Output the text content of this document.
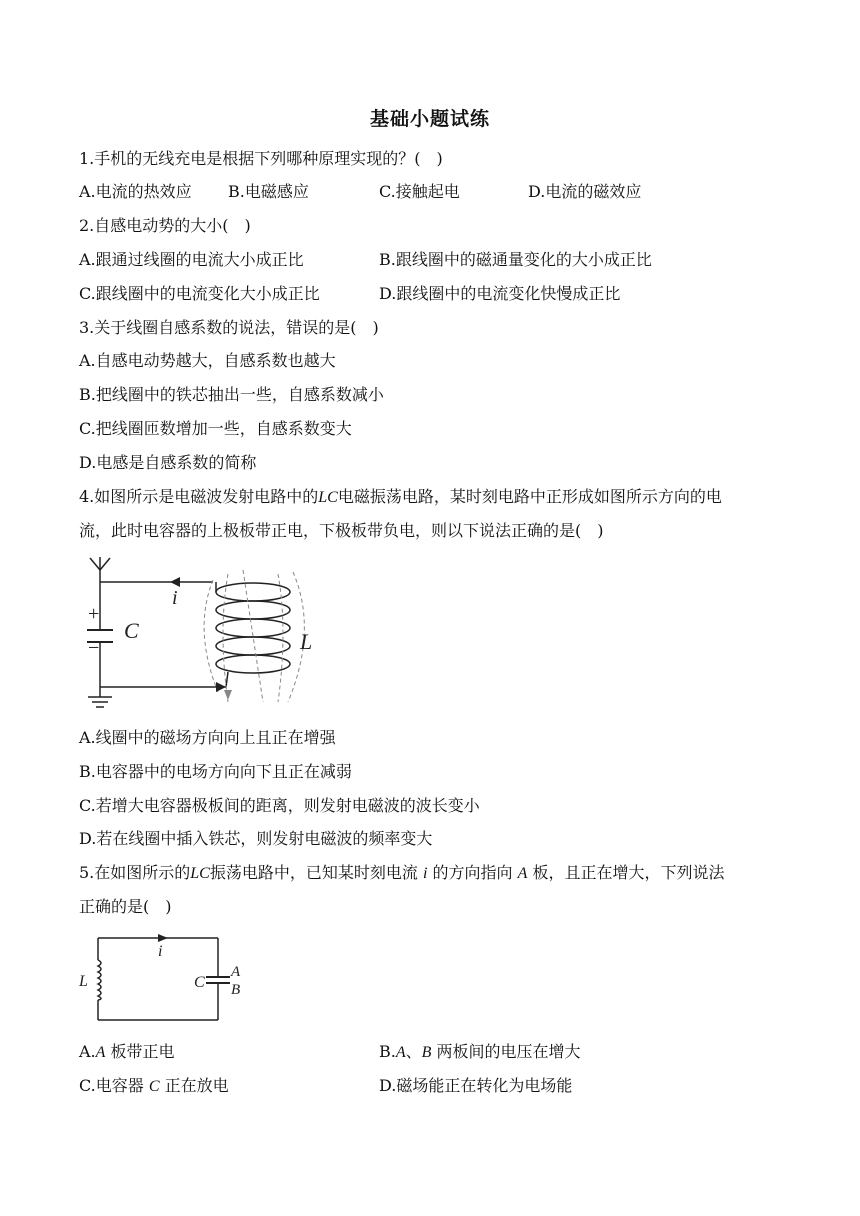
基础小题试练
1.手机的无线充电是根据下列哪种原理实现的？(　)
A.电流的热效应 B.电磁感应	C.接触起电	D.电流的磁效应
2.自感电动势的大小(　)
A.跟通过线圈的电流大小成正比	B.跟线圈中的磁通量变化的大小成正比
C.跟线圈中的电流变化大小成正比	D.跟线圈中的电流变化快慢成正比
3.关于线圈自感系数的说法，错误的是(　)
A.自感电动势越大，自感系数也越大
B.把线圈中的铁芯抽出一些，自感系数减小
C.把线圈匝数增加一些，自感系数变大
D.电感是自感系数的简称
4.如图所示是电磁波发射电路中的LC电磁振荡电路，某时刻电路中正形成如图所示方向的电
流，此时电容器的上极板带正电，下极板带负电，则以下说法正确的是(　)
i
+
−
C	L
A.线圈中的磁场方向向上且正在增强
B.电容器中的电场方向向下且正在减弱
C.若增大电容器极板间的距离，则发射电磁波的波长变小
D.若在线圈中插入铁芯，则发射电磁波的频率变大
5.在如图所示的LC振荡电路中，已知某时刻电流 i 的方向指向 A 板，且正在增大，下列说法
正确的是(　)
i
L	C
A
B
A.A 板带正电	B.A、B 两板间的电压在增大
C.电容器 C 正在放电	D.磁场能正在转化为电场能
